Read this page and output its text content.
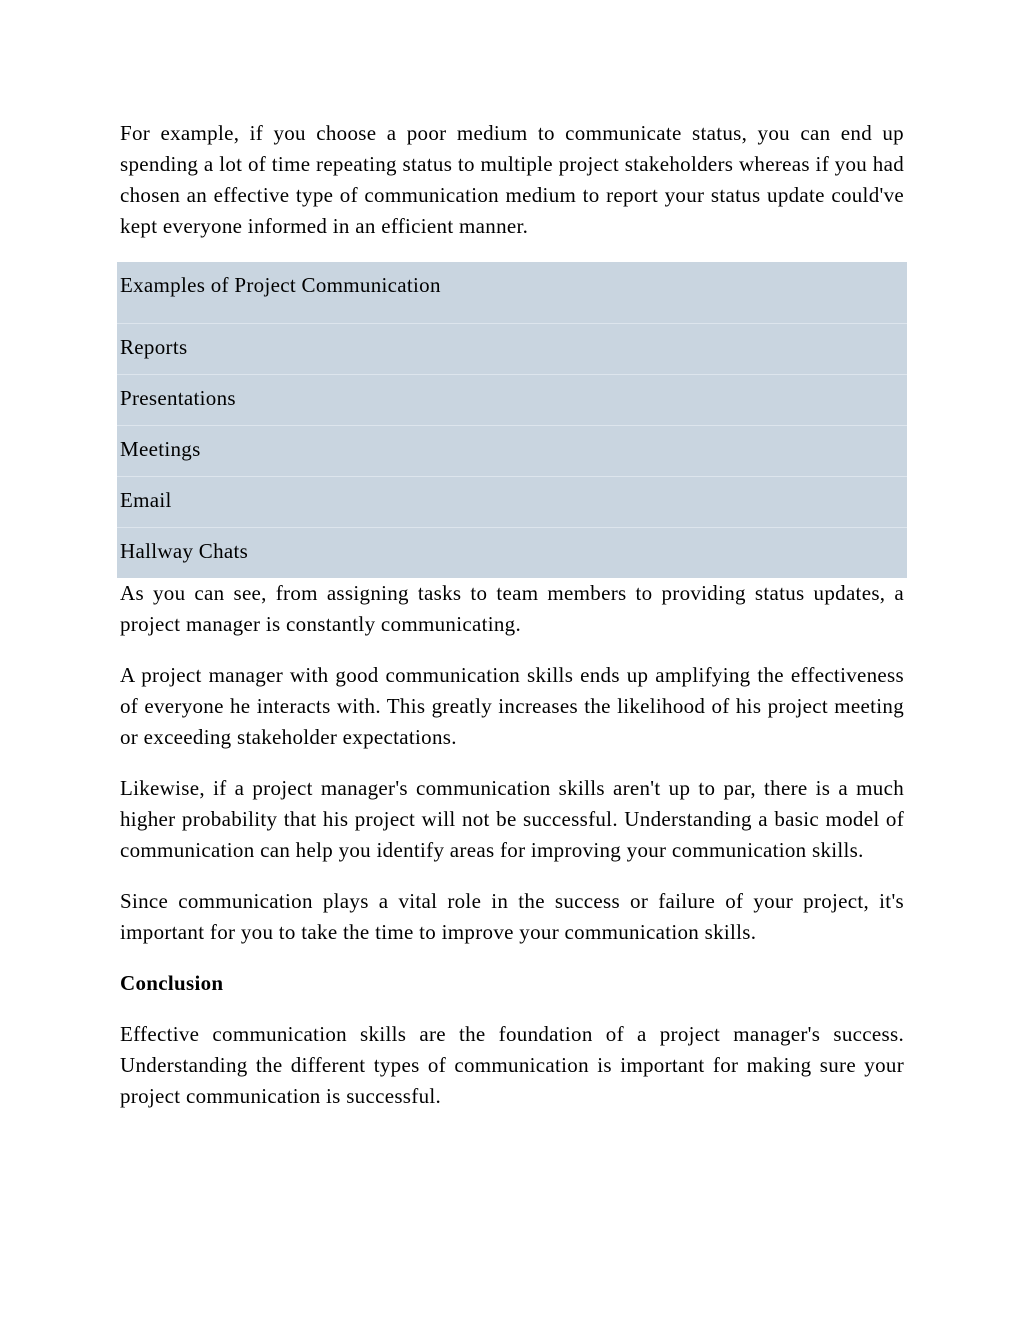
For example, if you choose a poor medium to communicate status, you can end up spending a lot of time repeating status to multiple project stakeholders whereas if you had chosen an effective type of communication medium to report your status update could've kept everyone informed in an efficient manner.

Examples of Project Communication
Reports
Presentations
Meetings
Email
Hallway Chats

As you can see, from assigning tasks to team members to providing status updates, a project manager is constantly communicating.

A project manager with good communication skills ends up amplifying the effectiveness of everyone he interacts with. This greatly increases the likelihood of his project meeting or exceeding stakeholder expectations.

Likewise, if a project manager's communication skills aren't up to par, there is a much higher probability that his project will not be successful. Understanding a basic model of communication can help you identify areas for improving your communication skills.

Since communication plays a vital role in the success or failure of your project, it's important for you to take the time to improve your communication skills.

Conclusion

Effective communication skills are the foundation of a project manager's success. Understanding the different types of communication is important for making sure your project communication is successful.
